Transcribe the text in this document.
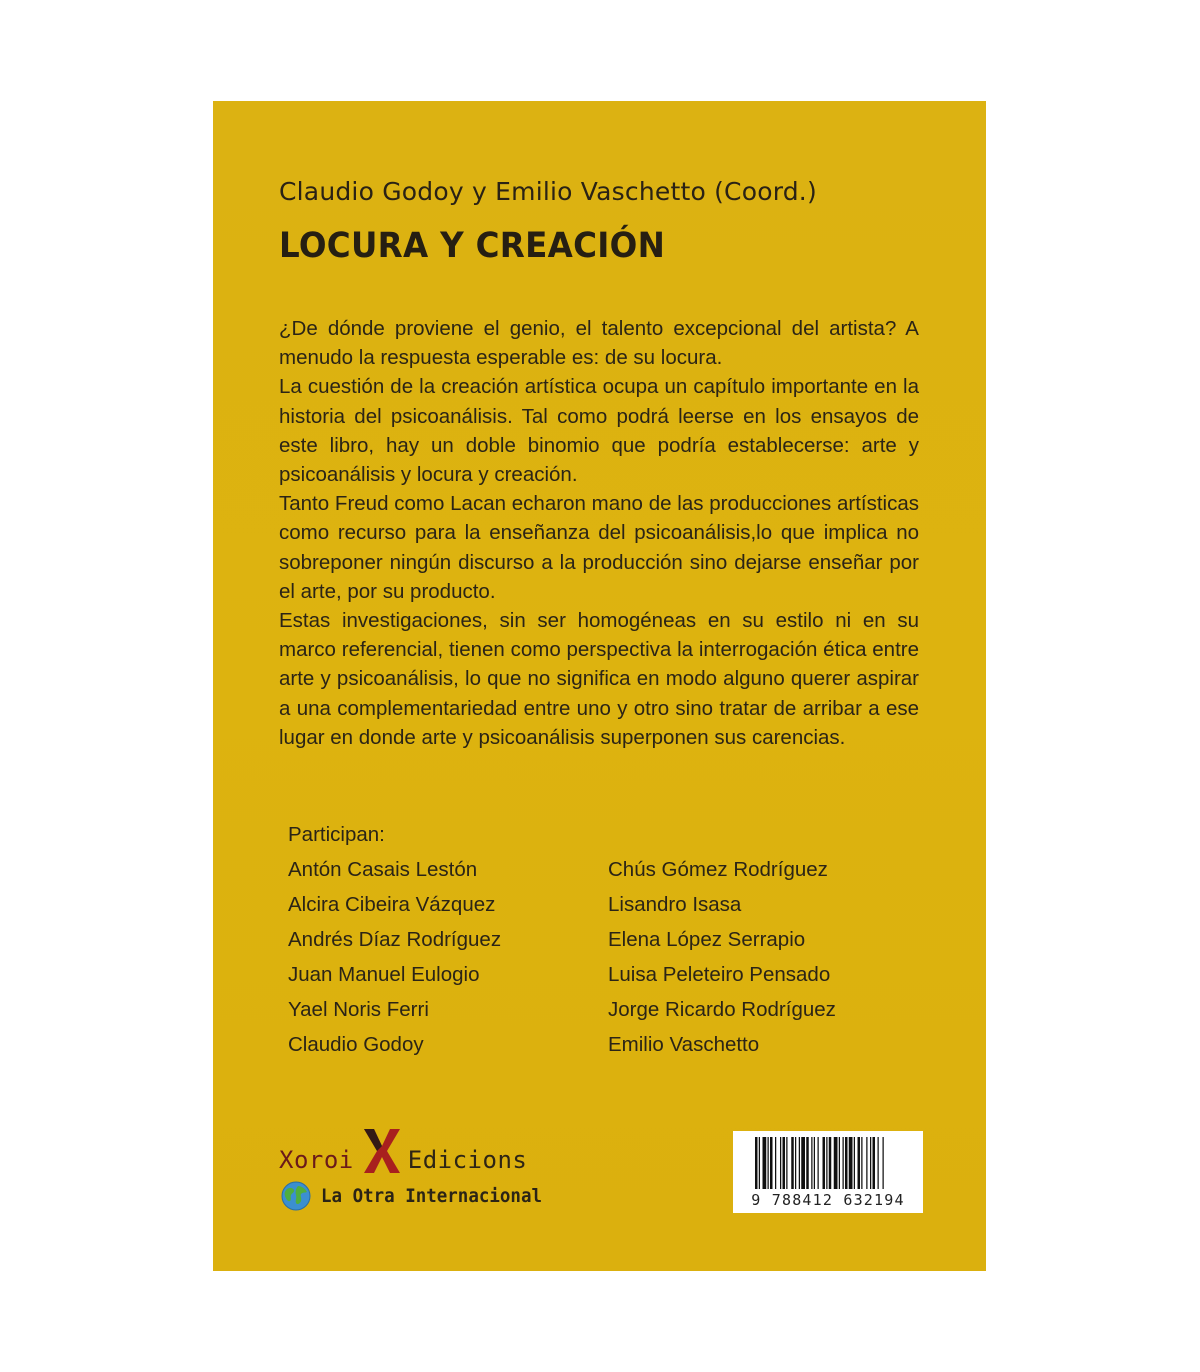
Claudio Godoy y Emilio Vaschetto (Coord.)
LOCURA Y CREACIÓN

¿De dónde proviene el genio, el talento excepcional del artista? A menudo la respuesta esperable es: de su locura.

La cuestión de la creación artística ocupa un capítulo importante en la historia del psicoanálisis. Tal como podrá leerse en los ensayos de este libro, hay un doble binomio que podría establecerse: arte y psicoanálisis y locura y creación.

Tanto Freud como Lacan echaron mano de las producciones artísticas como recurso para la enseñanza del psicoanálisis,lo que implica no sobreponer ningún discurso a la producción sino dejarse enseñar por el arte, por su producto.

Estas investigaciones, sin ser homogéneas en su estilo ni en su marco referencial, tienen como perspectiva la interrogación ética entre arte y psicoanálisis, lo que no significa en modo alguno querer aspirar a una complementariedad entre uno y otro sino tratar de arribar a ese lugar en donde arte y psicoanálisis superponen sus carencias.

Participan:
Antón Casais Lestón
Alcira Cibeira Vázquez
Andrés Díaz Rodríguez
Juan Manuel Eulogio
Yael Noris Ferri
Claudio Godoy
Chús Gómez Rodríguez
Lisandro Isasa
Elena López Serrapio
Luisa Peleteiro Pensado
Jorge Ricardo Rodríguez
Emilio Vaschetto
Xoroi Edicions
La Otra Internacional	9 788412 632194
